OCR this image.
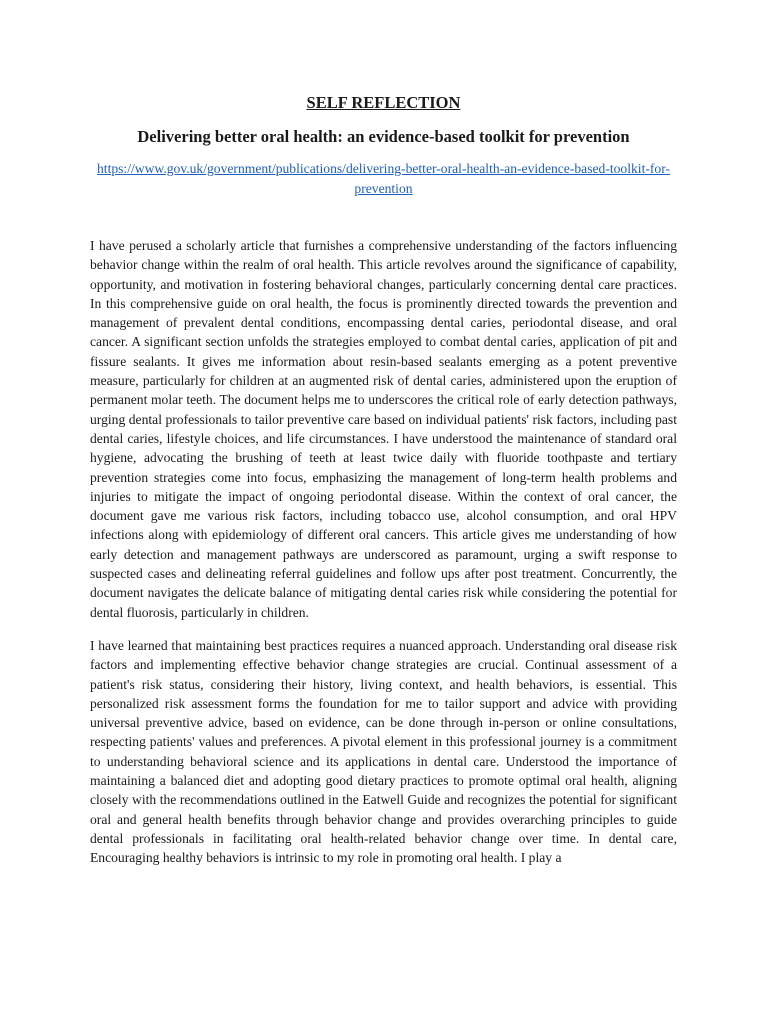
SELF REFLECTION
Delivering better oral health: an evidence-based toolkit for prevention
https://www.gov.uk/government/publications/delivering-better-oral-health-an-evidence-based-toolkit-for-prevention

I have perused a scholarly article that furnishes a comprehensive understanding of the factors influencing behavior change within the realm of oral health. This article revolves around the significance of capability, opportunity, and motivation in fostering behavioral changes, particularly concerning dental care practices. In this comprehensive guide on oral health, the focus is prominently directed towards the prevention and management of prevalent dental conditions, encompassing dental caries, periodontal disease, and oral cancer. A significant section unfolds the strategies employed to combat dental caries, application of pit and fissure sealants. It gives me information about resin-based sealants emerging as a potent preventive measure, particularly for children at an augmented risk of dental caries, administered upon the eruption of permanent molar teeth. The document helps me to underscores the critical role of early detection pathways, urging dental professionals to tailor preventive care based on individual patients' risk factors, including past dental caries, lifestyle choices, and life circumstances. I have understood the maintenance of standard oral hygiene, advocating the brushing of teeth at least twice daily with fluoride toothpaste and tertiary prevention strategies come into focus, emphasizing the management of long-term health problems and injuries to mitigate the impact of ongoing periodontal disease. Within the context of oral cancer, the document gave me various risk factors, including tobacco use, alcohol consumption, and oral HPV infections along with epidemiology of different oral cancers. This article gives me understanding of how early detection and management pathways are underscored as paramount, urging a swift response to suspected cases and delineating referral guidelines and follow ups after post treatment. Concurrently, the document navigates the delicate balance of mitigating dental caries risk while considering the potential for dental fluorosis, particularly in children.

I have learned that maintaining best practices requires a nuanced approach. Understanding oral disease risk factors and implementing effective behavior change strategies are crucial. Continual assessment of a patient's risk status, considering their history, living context, and health behaviors, is essential. This personalized risk assessment forms the foundation for me to tailor support and advice with providing universal preventive advice, based on evidence, can be done through in-person or online consultations, respecting patients' values and preferences. A pivotal element in this professional journey is a commitment to understanding behavioral science and its applications in dental care. Understood the importance of maintaining a balanced diet and adopting good dietary practices to promote optimal oral health, aligning closely with the recommendations outlined in the Eatwell Guide and recognizes the potential for significant oral and general health benefits through behavior change and provides overarching principles to guide dental professionals in facilitating oral health-related behavior change over time. In dental care, Encouraging healthy behaviors is intrinsic to my role in promoting oral health. I play a
